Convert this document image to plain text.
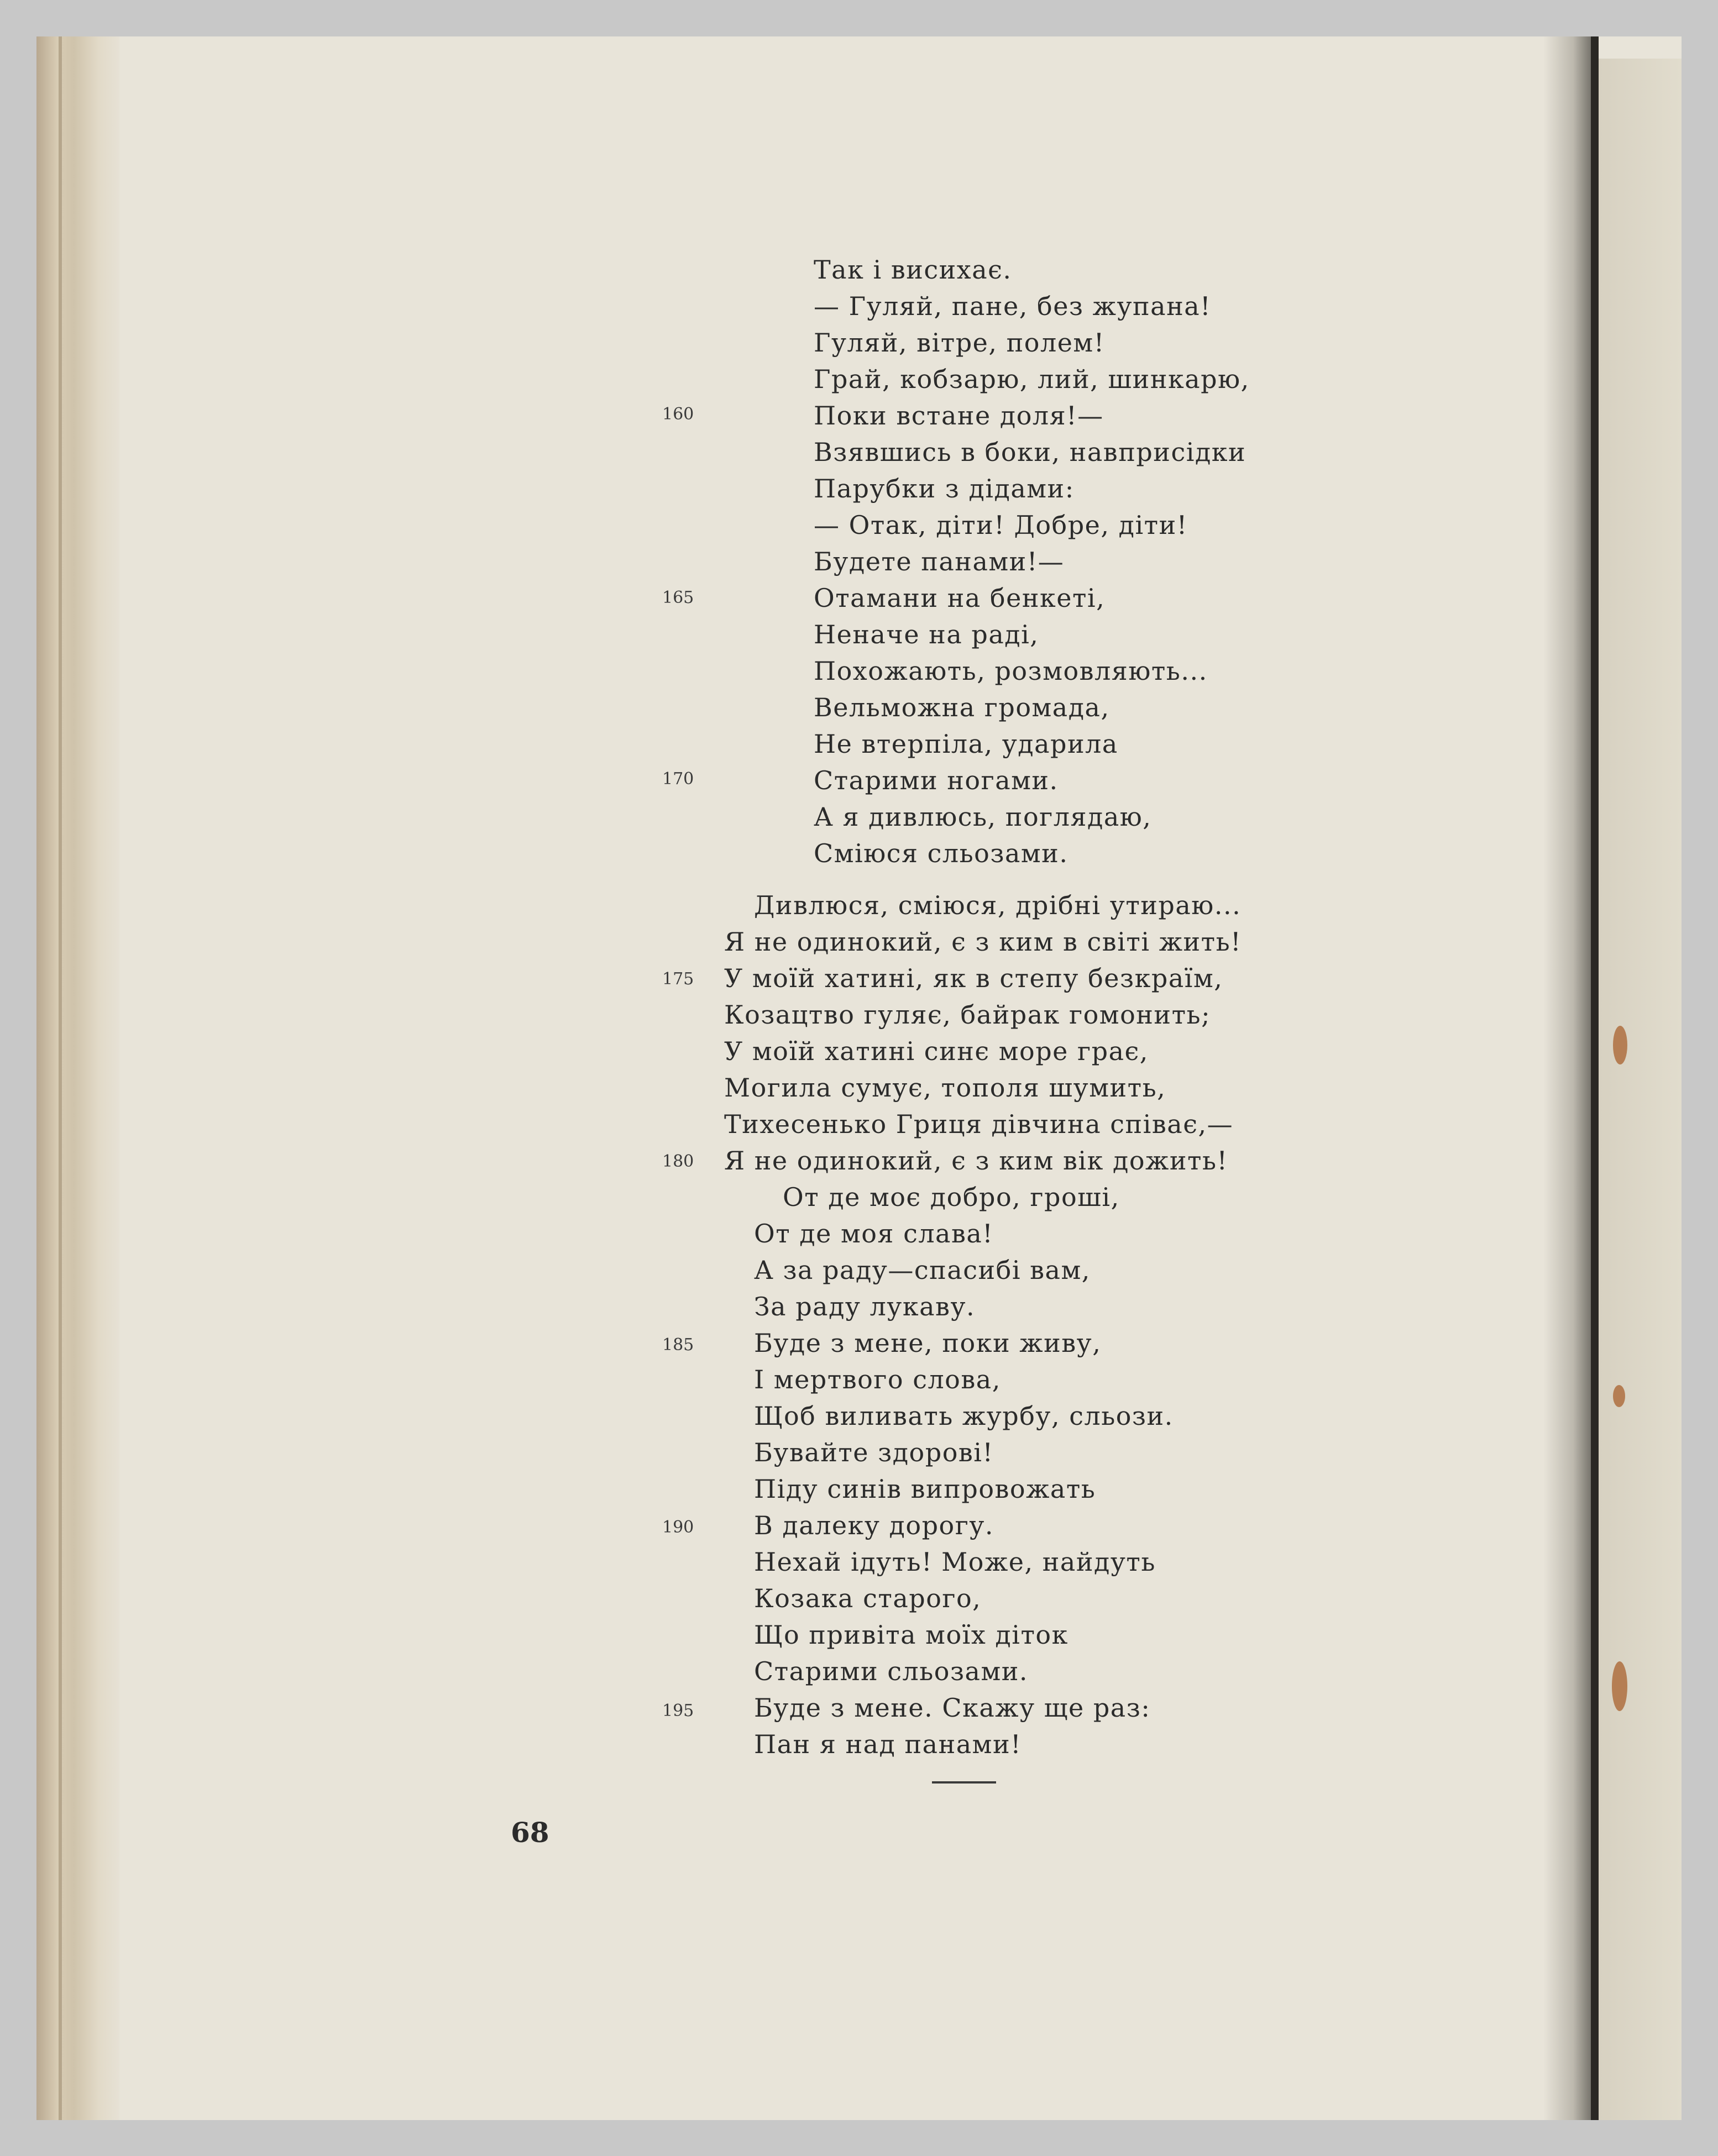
Так і висихає.
— Гуляй, пане, без жупана!
Гуляй, вітре, полем!
Грай, кобзарю, лий, шинкарю,
Поки встане доля!—
Взявшись в боки, навприсідки
Парубки з дідами:
— Отак, діти! Добре, діти!
Будете панами!—
Отамани на бенкеті,
Неначе на раді,
Похожають, розмовляють...
Вельможна громада,
Не втерпіла, ударила
Старими ногами.
А я дивлюсь, поглядаю,
Сміюся сльозами.
Дивлюся, сміюся, дрібні утираю...
Я не одинокий, є з ким в світі жить!
У моїй хатині, як в степу безкраїм,
Козацтво гуляє, байрак гомонить;
У моїй хатині синє море грає,
Могила сумує, тополя шумить,
Тихесенько Гриця дівчина співає,—
Я не одинокий, є з ким вік дожить!
От де моє добро, гроші,
От де моя слава!
А за раду—спасибі вам,
За раду лукаву.
Буде з мене, поки живу,
І мертвого слова,
Щоб виливать журбу, сльози.
Бувайте здорові!
Піду синів випровожать
В далеку дорогу.
Нехай ідуть! Може, найдуть
Козака старого,
Що привіта моїх діток
Старими сльозами.
Буде з мене. Скажу ще раз:
Пан я над панами!
160
165
170
175
180
185
190
195
68
